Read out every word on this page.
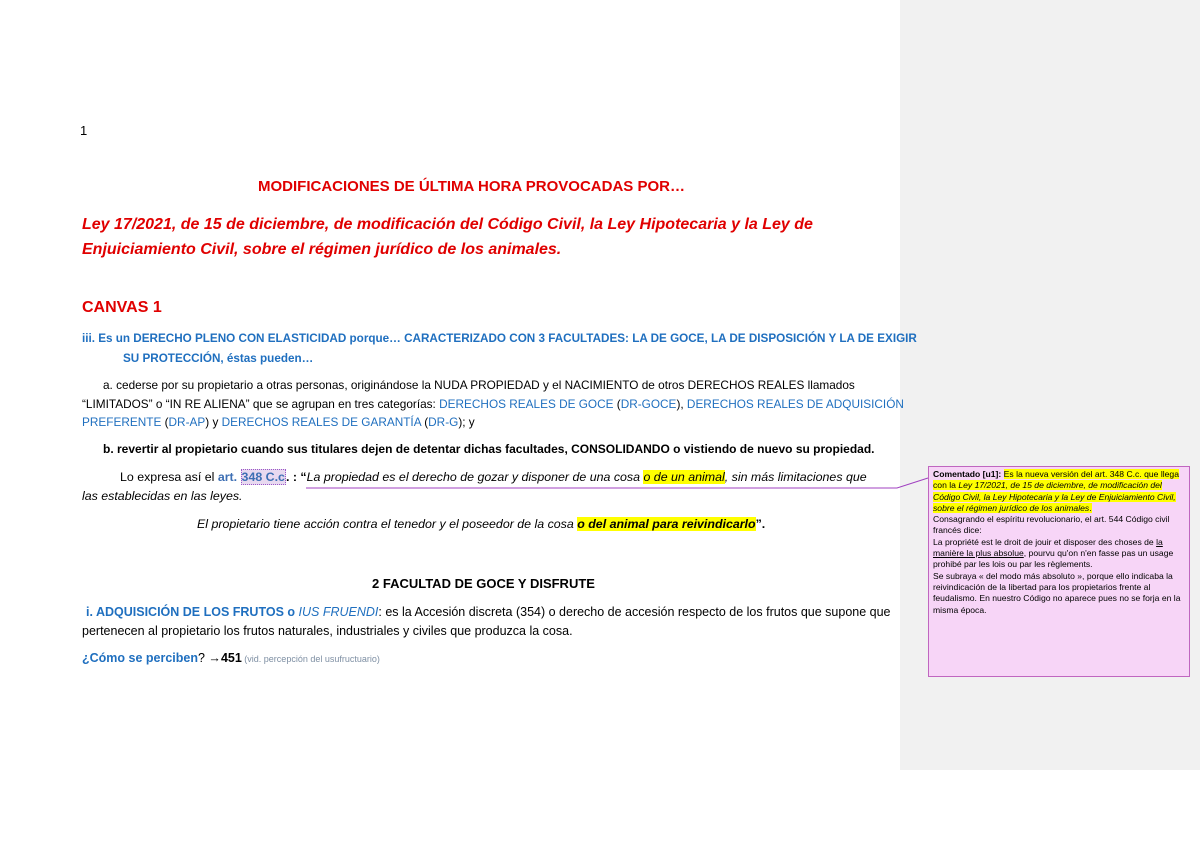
1
MODIFICACIONES DE ÚLTIMA HORA PROVOCADAS POR…
Ley 17/2021, de 15 de diciembre, de modificación del Código Civil, la Ley Hipotecaria y la Ley de
Enjuiciamiento Civil, sobre el régimen jurídico de los animales.
CANVAS 1
iii. Es un DERECHO PLENO CON ELASTICIDAD porque… CARACTERIZADO CON 3 FACULTADES: LA DE GOCE, LA DE DISPOSICIÓN Y LA DE EXIGIR
SU PROTECCIÓN, éstas pueden…
a. cederse por su propietario a otras personas, originándose la NUDA PROPIEDAD y el NACIMIENTO de otros DERECHOS REALES llamados
“LIMITADOS” o “IN RE ALIENA” que se agrupan en tres categorías: DERECHOS REALES DE GOCE (DR-GOCE), DERECHOS REALES DE ADQUISICIÓN
PREFERENTE (DR-AP) y DERECHOS REALES DE GARANTÍA (DR-G); y
b. revertir al propietario cuando sus titulares dejen de detentar dichas facultades, CONSOLIDANDO o vistiendo de nuevo su propiedad.
Lo expresa así el art. 348 C.c. : “La propiedad es el derecho de gozar y disponer de una cosa o de un animal, sin más limitaciones que
las establecidas en las leyes.
El propietario tiene acción contra el tenedor y el poseedor de la cosa o del animal para reivindicarlo”.
2 FACULTAD DE GOCE Y DISFRUTE
i. ADQUISICIÓN DE LOS FRUTOS o IUS FRUENDI: es la Accesión discreta (354) o derecho de accesión respecto de los frutos que supone que
pertenecen al propietario los frutos naturales, industriales y civiles que produzca la cosa.
¿Cómo se perciben? →451 (vid. percepción del usufructuario)
Comentado [u1]: Es la nueva versión del art. 348 C.c. que llega con la Ley 17/2021, de 15 de diciembre, de modificación del Código Civil, la Ley Hipotecaria y la Ley de Enjuiciamiento Civil, sobre el régimen jurídico de los animales.
Consagrando el espíritu revolucionario, el art. 544 Código civil francés dice:
La propriété est le droit de jouir et disposer des choses de la manière la plus absolue, pourvu qu'on n'en fasse pas un usage prohibé par les lois ou par les règlements.
Se subraya « del modo más absoluto », porque ello indicaba la reivindicación de la libertad para los propietarios frente al feudalismo. En nuestro Código no aparece pues no se forja en la misma época.
